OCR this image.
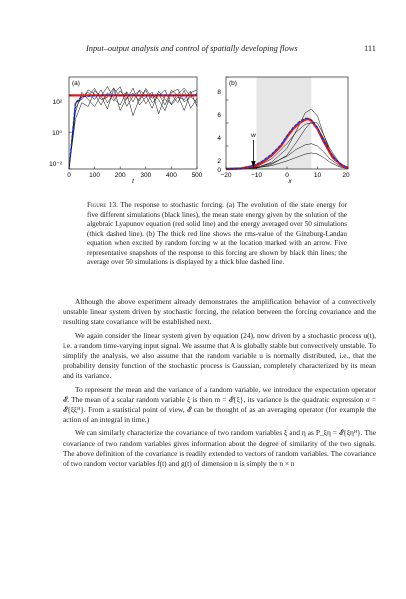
Input–output analysis and control of spatially developing flows	111
(a)
10²
10⁰
10⁻²
0	100 200 300 400 500
t
(b)
w
8
6
4
2
0
−20	−10	0	10	20
x
Figure 13. The response to stochastic forcing. (a) The evolution of the state energy for five different simulations (black lines), the mean state energy given by the solution of the algebraic Lyapunov equation (red solid line) and the energy averaged over 50 simulations (thick dashed line). (b) The thick red line shows the rms-value of the Ginzburg-Landau equation when excited by random forcing w at the location marked with an arrow. Five representative snapshots of the response to this forcing are shown by black thin lines; the average over 50 simulations is displayed by a thick blue dashed line.

Although the above experiment already demonstrates the amplification behavior of a convectively unstable linear system driven by stochastic forcing, the relation between the forcing covariance and the resulting state covariance will be established next.

We again consider the linear system given by equation (24), now driven by a stochastic process u(t), i.e. a random time-varying input signal. We assume that A is globally stable but convectively unstable. To simplify the analysis, we also assume that the random variable u is normally distributed, i.e., that the probability density function of the stochastic process is Gaussian, completely characterized by its mean and its variance.

To represent the mean and the variance of a random variable, we introduce the expectation operator 𝓔. The mean of a scalar random variable ξ is then m = 𝓔{ξ}, its variance is the quadratic expression σ = 𝓔{ξξᴴ}. From a statistical point of view, 𝓔 can be thought of as an averaging operator (for example the action of an integral in time.)

We can similarly characterize the covariance of two random variables ξ and η as P_ξη = 𝓔{ξηᴴ}. The covariance of two random variables gives information about the degree of similarity of the two signals. The above definition of the covariance is readily extended to vectors of random variables. The covariance of two random vector variables f(t) and g(t) of dimension n is simply the n × n
